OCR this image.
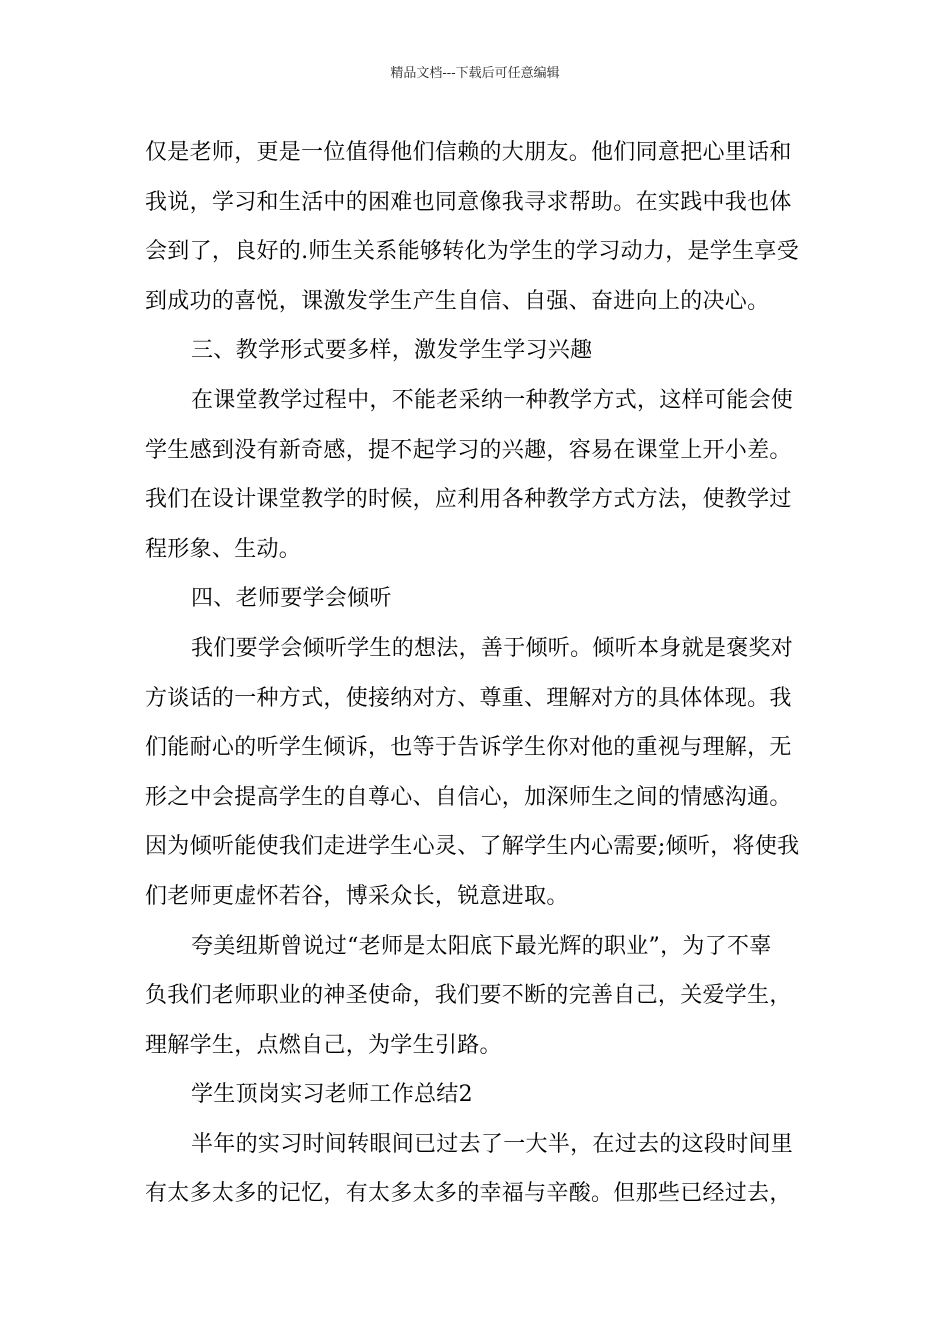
精品文档---下载后可任意编辑
仅是老师，更是一位值得他们信赖的大朋友。他们同意把心里话和
我说，学习和生活中的困难也同意像我寻求帮助。在实践中我也体
会到了，良好的.师生关系能够转化为学生的学习动力，是学生享受
到成功的喜悦，课激发学生产生自信、自强、奋进向上的决心。
三、教学形式要多样，激发学生学习兴趣
在课堂教学过程中，不能老采纳一种教学方式，这样可能会使
学生感到没有新奇感，提不起学习的兴趣，容易在课堂上开小差。
我们在设计课堂教学的时候，应利用各种教学方式方法，使教学过
程形象、生动。
四、老师要学会倾听
我们要学会倾听学生的想法，善于倾听。倾听本身就是褒奖对
方谈话的一种方式，使接纳对方、尊重、理解对方的具体体现。我
们能耐心的听学生倾诉，也等于告诉学生你对他的重视与理解，无
形之中会提高学生的自尊心、自信心，加深师生之间的情感沟通。
因为倾听能使我们走进学生心灵、了解学生内心需要;倾听，将使我
们老师更虚怀若谷，博采众长，锐意进取。
夸美纽斯曾说过“老师是太阳底下最光辉的职业”，为了不辜
负我们老师职业的神圣使命，我们要不断的完善自己，关爱学生，
理解学生，点燃自己，为学生引路。
学生顶岗实习老师工作总结2
半年的实习时间转眼间已过去了一大半，在过去的这段时间里
有太多太多的记忆，有太多太多的幸福与辛酸。但那些已经过去，
